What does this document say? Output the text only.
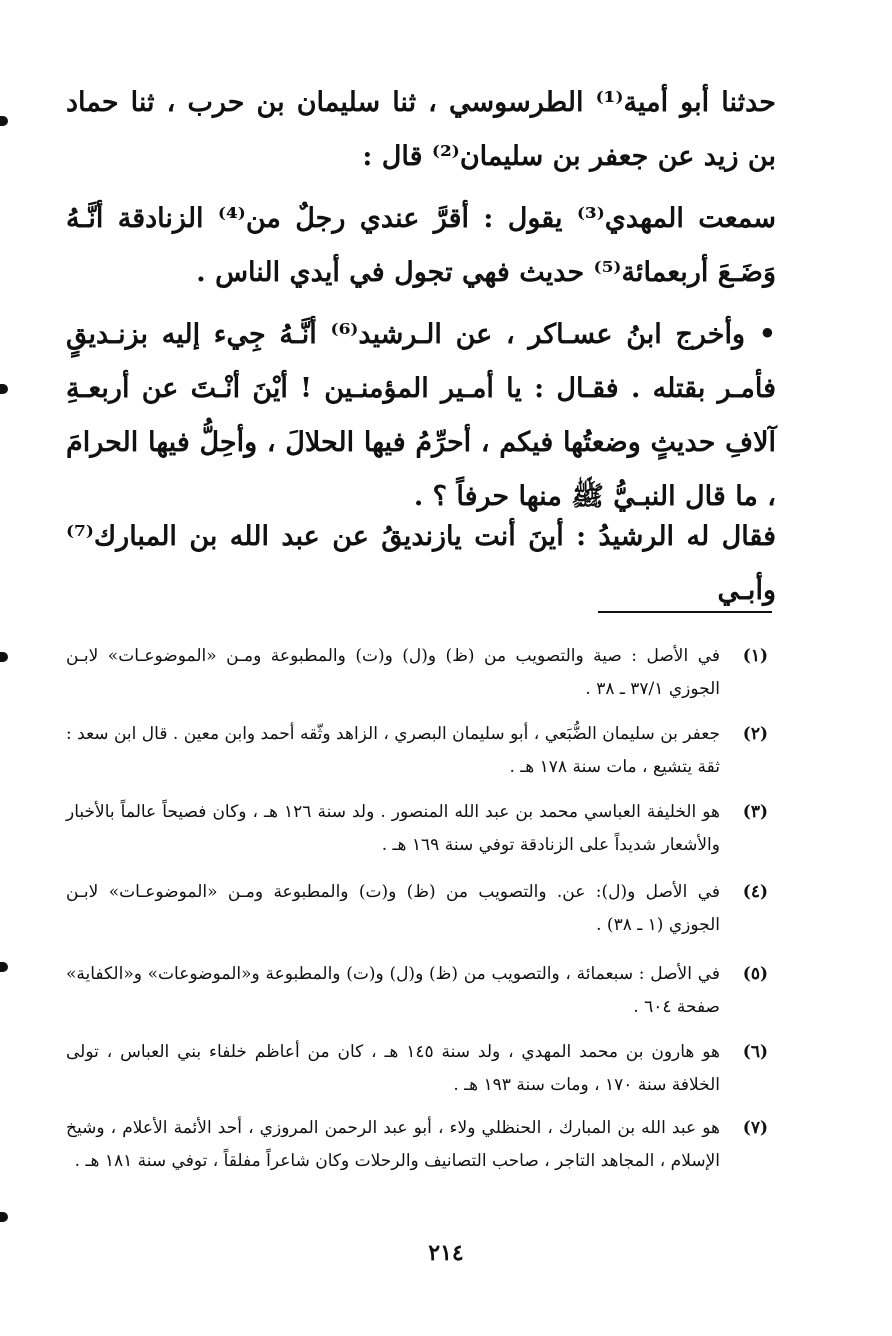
حدثنا أبو أمية⁽¹⁾ الطرسوسي ، ثنا سليمان بن حرب ، ثنا حماد بن زيد عن جعفر بن سليمان⁽²⁾ قال :

سمعت المهدي⁽³⁾ يقول : أقرَّ عندي رجلٌ من⁽⁴⁾ الزنادقة أنَّـهُ وَضَـعَ أربعمائة⁽⁵⁾ حديث فهي تجول في أيدي الناس .

• وأخرج ابنُ عسـاكر ، عن الـرشيد⁽⁶⁾ أنَّـهُ جِيء إليه بزنـديقٍ فأمـر بقتله . فقـال : يا أمـير المؤمنـين ! أيْنَ أنْـتَ عن أربعـةِ آلافِ حديثٍ وضعتُها فيكم ، أحرِّمُ فيها الحلالَ ، وأحِلُّ فيها الحرامَ ، ما قال النبـيُّ ﷺ منها حرفاً ؟ .

فقال له الرشيدُ : أينَ أنت يازنديقُ عن عبد الله بن المبارك⁽⁷⁾ وأبـي

(١)
في الأصل : صية والتصويب من (ظ) و(ل) و(ت) والمطبوعة ومـن «الموضوعـات» لابـن الجوزي ٣٧/١ ـ ٣٨ .
(٢)
جعفر بن سليمان الضُّبَعي ، أبو سليمان البصري ، الزاهد وثّقه أحمد وابن معين . قال ابن سعد : ثقة يتشيع ، مات سنة ١٧٨ هـ .
(٣)
هو الخليفة العباسي محمد بن عبد الله المنصور . ولد سنة ١٢٦ هـ ، وكان فصيحاً عالماً بالأخبار والأشعار شديداً على الزنادقة توفي سنة ١٦٩ هـ .
(٤)
في الأصل و(ل): عن. والتصويب من (ظ) و(ت) والمطبوعة ومـن «الموضوعـات» لابـن الجوزي (١ ـ ٣٨) .
(٥)
في الأصل : سبعمائة ، والتصويب من (ظ) و(ل) و(ت) والمطبوعة و«الموضوعات» و«الكفاية» صفحة ٦٠٤ .
(٦)
هو هارون بن محمد المهدي ، ولد سنة ١٤٥ هـ ، كان من أعاظم خلفاء بني العباس ، تولى الخلافة سنة ١٧٠ ، ومات سنة ١٩٣ هـ .
(٧)
هو عبد الله بن المبارك ، الحنظلي ولاء ، أبو عبد الرحمن المروزي ، أحد الأئمة الأعلام ، وشيخ الإسلام ، المجاهد التاجر ، صاحب التصانيف والرحلات وكان شاعراً مفلقاً ، توفي سنة ١٨١ هـ .
٢١٤
